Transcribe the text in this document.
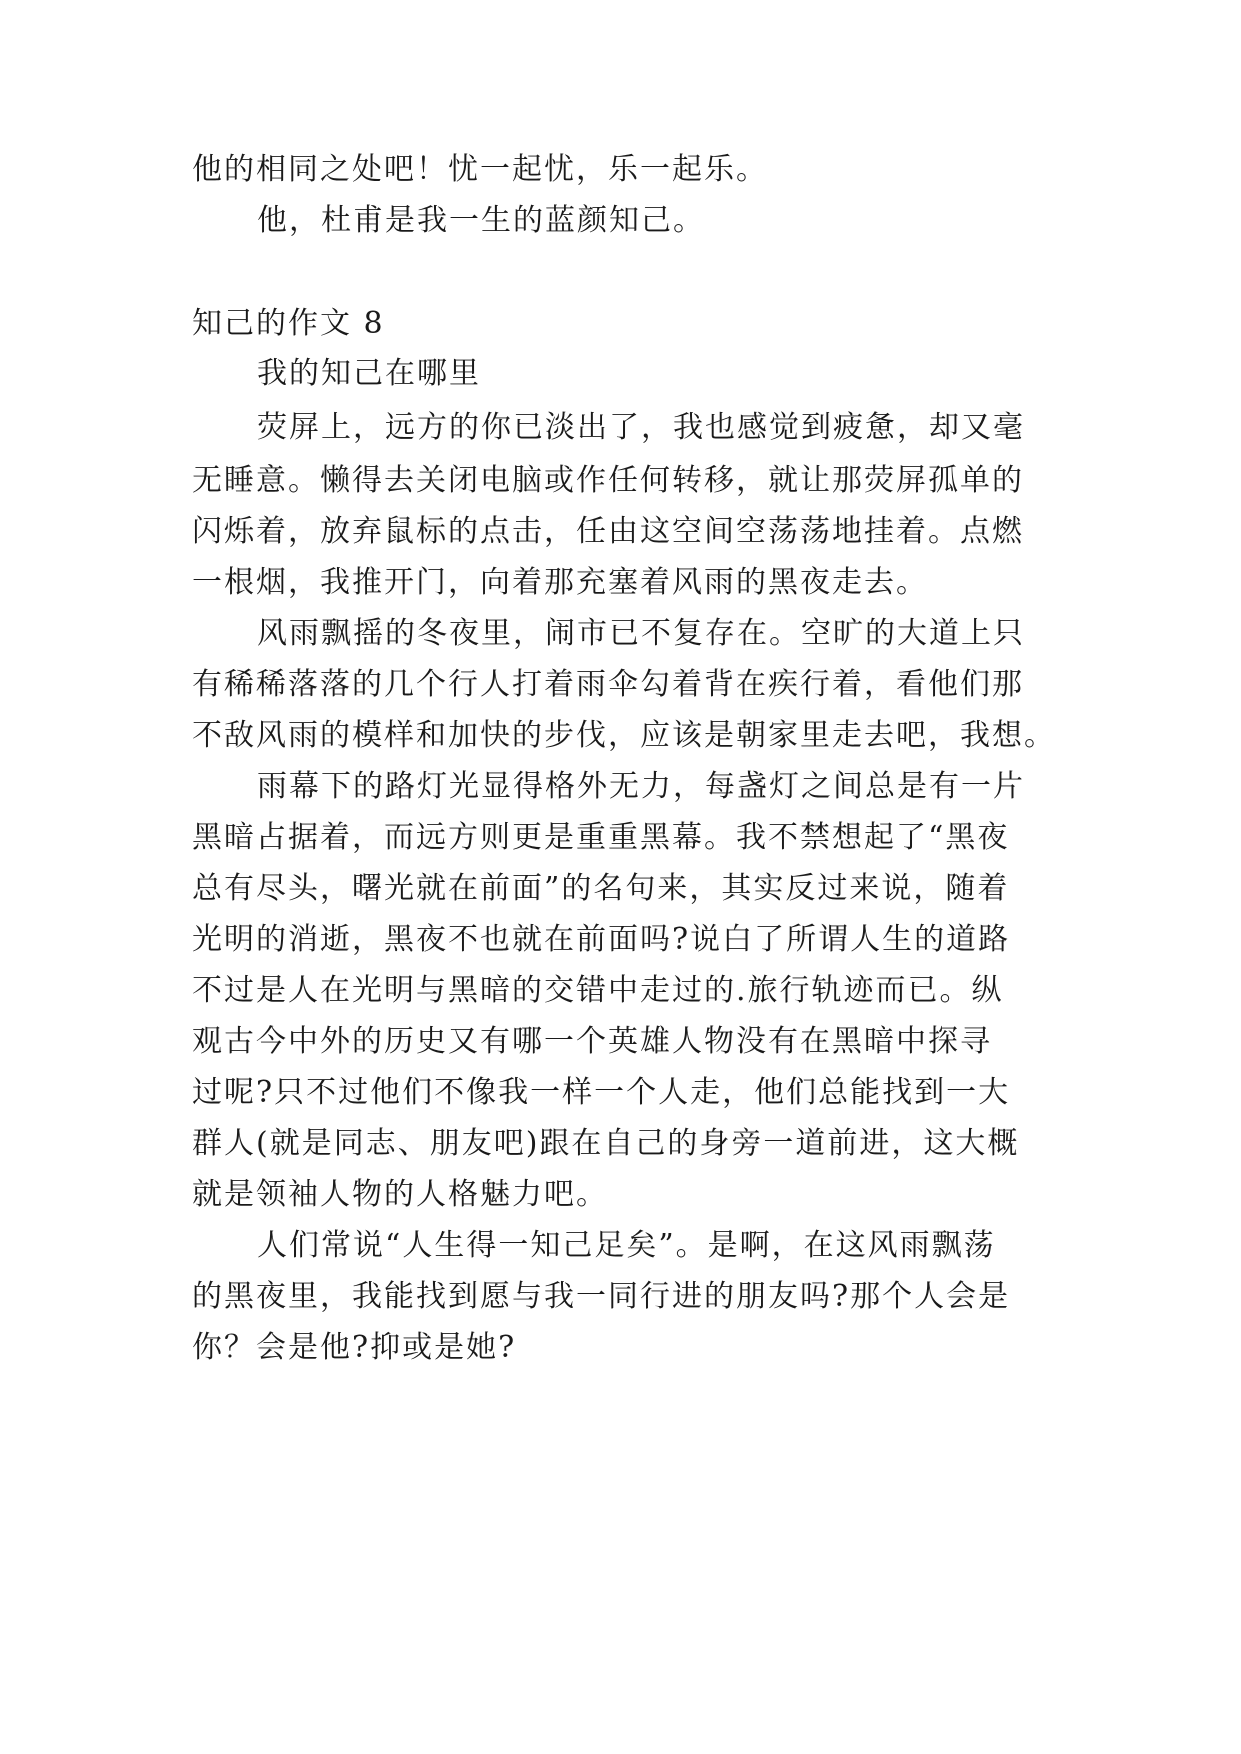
他的相同之处吧！忧一起忧，乐一起乐。
他，杜甫是我一生的蓝颜知己。
知己的作文 8
我的知己在哪里
荧屏上，远方的你已淡出了，我也感觉到疲惫，却又毫
无睡意。懒得去关闭电脑或作任何转移，就让那荧屏孤单的
闪烁着，放弃鼠标的点击，任由这空间空荡荡地挂着。点燃
一根烟，我推开门，向着那充塞着风雨的黑夜走去。
风雨飘摇的冬夜里，闹市已不复存在。空旷的大道上只
有稀稀落落的几个行人打着雨伞勾着背在疾行着，看他们那
不敌风雨的模样和加快的步伐，应该是朝家里走去吧，我想。
雨幕下的路灯光显得格外无力，每盏灯之间总是有一片
黑暗占据着，而远方则更是重重黑幕。我不禁想起了“黑夜
总有尽头，曙光就在前面”的名句来，其实反过来说，随着
光明的消逝，黑夜不也就在前面吗?说白了所谓人生的道路
不过是人在光明与黑暗的交错中走过的.旅行轨迹而已。纵
观古今中外的历史又有哪一个英雄人物没有在黑暗中探寻
过呢?只不过他们不像我一样一个人走，他们总能找到一大
群人(就是同志、朋友吧)跟在自己的身旁一道前进，这大概
就是领袖人物的人格魅力吧。
人们常说“人生得一知己足矣”。是啊，在这风雨飘荡
的黑夜里，我能找到愿与我一同行进的朋友吗?那个人会是
你？会是他?抑或是她?
